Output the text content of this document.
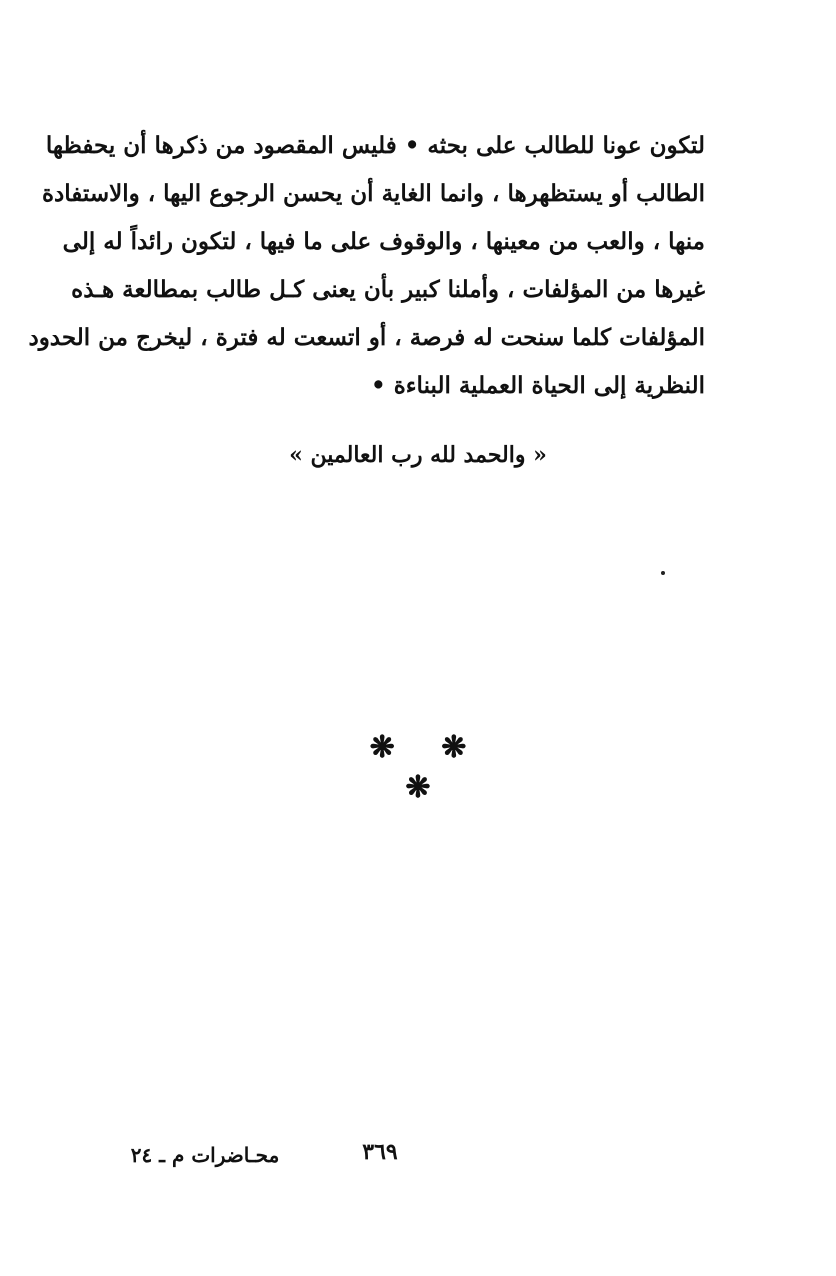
لتكون عونا للطالب على بحثه • فليس المقصود من ذكرها أن يحفظها
الطالب أو يستظهرها ، وانما الغاية أن يحسن الرجوع اليها ، والاستفادة
منها ، والعب من معينها ، والوقوف على ما فيها ، لتكون رائداً له إلى
غيرها من المؤلفات ، وأملنا كبير بأن يعنى كـل طالب بمطالعة هـذه
المؤلفات كلما سنحت له فرصة ، أو اتسعت له فترة ، ليخرج من الحدود
النظرية إلى الحياة العملية البناءة •
« والحمد لله رب العالمين »
❋ ❋ ❋
محـاضرات م ـ ٢٤	٣٦٩
